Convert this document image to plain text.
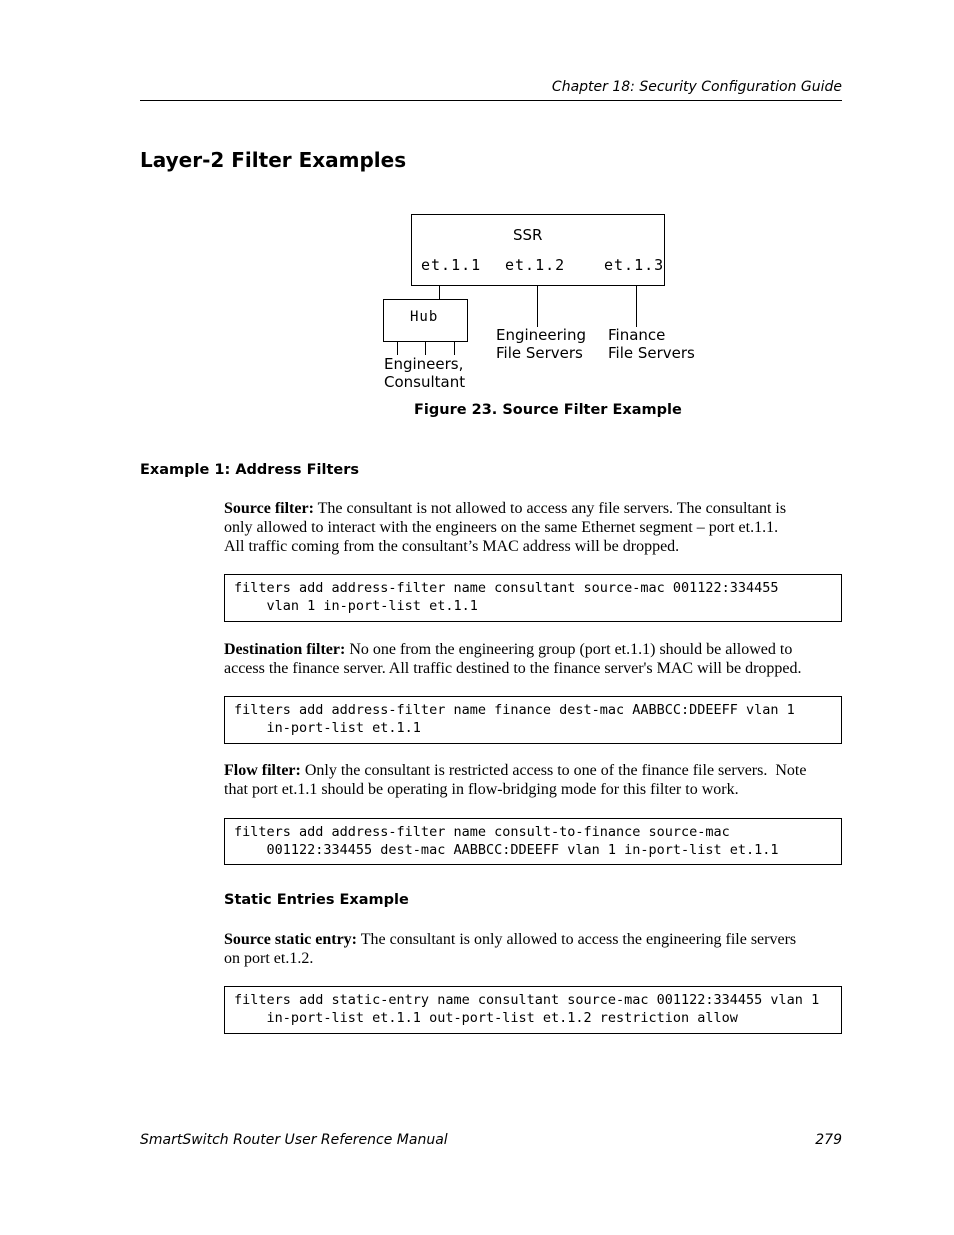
Chapter 18: Security Configuration Guide
Layer-2 Filter Examples
SSR
et.1.1 et.1.2	et.1.3
Hub
Engineers,
Consultant
Engineering
File Servers
Finance
File Servers
Figure 23. Source Filter Example
Example 1: Address Filters
Source filter: The consultant is not allowed to access any file servers. The consultant is
only allowed to interact with the engineers on the same Ethernet segment – port et.1.1.
All traffic coming from the consultant’s MAC address will be dropped.
filters add address-filter name consultant source-mac 001122:334455
vlan 1 in-port-list et.1.1
Destination filter: No one from the engineering group (port et.1.1) should be allowed to
access the finance server. All traffic destined to the finance server's MAC will be dropped.
filters add address-filter name finance dest-mac AABBCC:DDEEFF vlan 1
in-port-list et.1.1
Flow filter: Only the consultant is restricted access to one of the finance file servers.  Note
that port et.1.1 should be operating in flow-bridging mode for this filter to work.
filters add address-filter name consult-to-finance source-mac
001122:334455 dest-mac AABBCC:DDEEFF vlan 1 in-port-list et.1.1
Static Entries Example
Source static entry: The consultant is only allowed to access the engineering file servers
on port et.1.2.
filters add static-entry name consultant source-mac 001122:334455 vlan 1
in-port-list et.1.1 out-port-list et.1.2 restriction allow
SmartSwitch Router User Reference Manual	279
